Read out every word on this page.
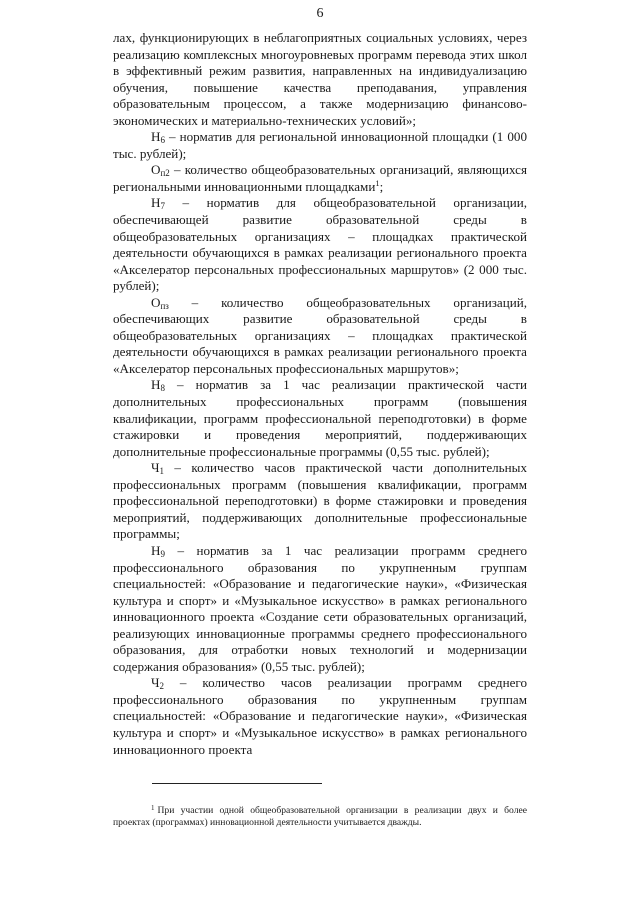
6

лах, функционирующих в неблагоприятных социальных условиях, через реализацию комплексных многоуровневых программ перевода этих школ в эффективный режим развития, направленных на индивидуализацию обучения, повышение качества преподавания, управления образовательным процессом, а также модернизацию финансово-экономических и материально-технических условий»;

Н6 – норматив для региональной инновационной площадки (1 000 тыс. рублей);

Оп2 – количество общеобразовательных организаций, являющихся региональными инновационными площадками$^1$;

Н7 – норматив для общеобразовательной организации, обеспечивающей развитие образовательной среды в общеобразовательных организациях – площадках практической деятельности обучающихся в рамках реализации регионального проекта «Акселератор персональных профессиональных маршрутов» (2 000 тыс. рублей);

Опз – количество общеобразовательных организаций, обеспечивающих развитие образовательной среды в общеобразовательных организациях – площадках практической деятельности обучающихся в рамках реализации регионального проекта «Акселератор персональных профессиональных маршрутов»;

Н8 – норматив за 1 час реализации практической части дополнительных профессиональных программ (повышения квалификации, программ профессиональной переподготовки) в форме стажировки и проведения мероприятий, поддерживающих дополнительные профессиональные программы (0,55 тыс. рублей);

Ч1 – количество часов практической части дополнительных профессиональных программ (повышения квалификации, программ профессиональной переподготовки) в форме стажировки и проведения мероприятий, поддерживающих дополнительные профессиональные программы;

Н9 – норматив за 1 час реализации программ среднего профессионального образования по укрупненным группам специальностей: «Образование и педагогические науки», «Физическая культура и спорт» и «Музыкальное искусство» в рамках регионального инновационного проекта «Создание сети образовательных организаций, реализующих инновационные программы среднего профессионального образования, для отработки новых технологий и модернизации содержания образования» (0,55 тыс. рублей);

Ч2 – количество часов реализации программ среднего профессионального образования по укрупненным группам специальностей: «Образование и педагогические науки», «Физическая культура и спорт» и «Музыкальное искусство» в рамках регионального инновационного проекта

$^1$ При участии одной общеобразовательной организации в реализации двух и более проектах (программах) инновационной деятельности учитывается дважды.
